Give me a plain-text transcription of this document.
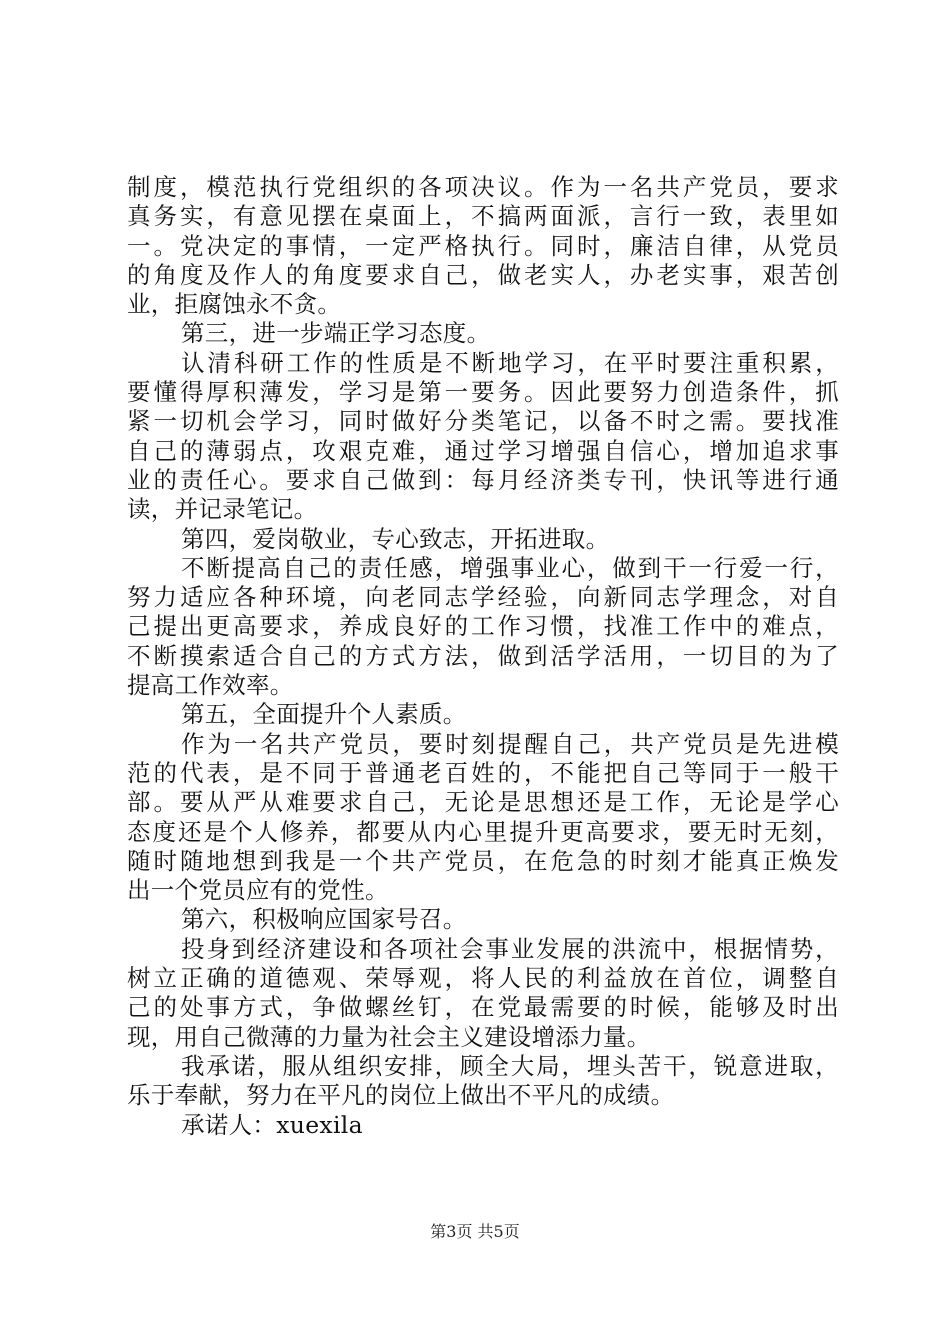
制度，模范执行党组织的各项决议。作为一名共产党员，要求
真务实，有意见摆在桌面上，不搞两面派，言行一致，表里如
一。党决定的事情，一定严格执行。同时，廉洁自律，从党员
的角度及作人的角度要求自己，做老实人，办老实事，艰苦创
业，拒腐蚀永不贪。
第三，进一步端正学习态度。
认清科研工作的性质是不断地学习，在平时要注重积累，
要懂得厚积薄发，学习是第一要务。因此要努力创造条件，抓
紧一切机会学习，同时做好分类笔记，以备不时之需。要找准
自己的薄弱点，攻艰克难，通过学习增强自信心，增加追求事
业的责任心。要求自己做到：每月经济类专刊，快讯等进行通
读，并记录笔记。
第四，爱岗敬业，专心致志，开拓进取。
不断提高自己的责任感，增强事业心，做到干一行爱一行，
努力适应各种环境，向老同志学经验，向新同志学理念，对自
己提出更高要求，养成良好的工作习惯，找准工作中的难点，
不断摸索适合自己的方式方法，做到活学活用，一切目的为了
提高工作效率。
第五，全面提升个人素质。
作为一名共产党员，要时刻提醒自己，共产党员是先进模
范的代表，是不同于普通老百姓的，不能把自己等同于一般干
部。要从严从难要求自己，无论是思想还是工作，无论是学心
态度还是个人修养，都要从内心里提升更高要求，要无时无刻，
随时随地想到我是一个共产党员，在危急的时刻才能真正焕发
出一个党员应有的党性。
第六，积极响应国家号召。
投身到经济建设和各项社会事业发展的洪流中，根据情势，
树立正确的道德观、荣辱观，将人民的利益放在首位，调整自
己的处事方式，争做螺丝钉，在党最需要的时候，能够及时出
现，用自己微薄的力量为社会主义建设增添力量。
我承诺，服从组织安排，顾全大局，埋头苦干，锐意进取，
乐于奉献，努力在平凡的岗位上做出不平凡的成绩。
承诺人：xuexila
第3页 共5页
